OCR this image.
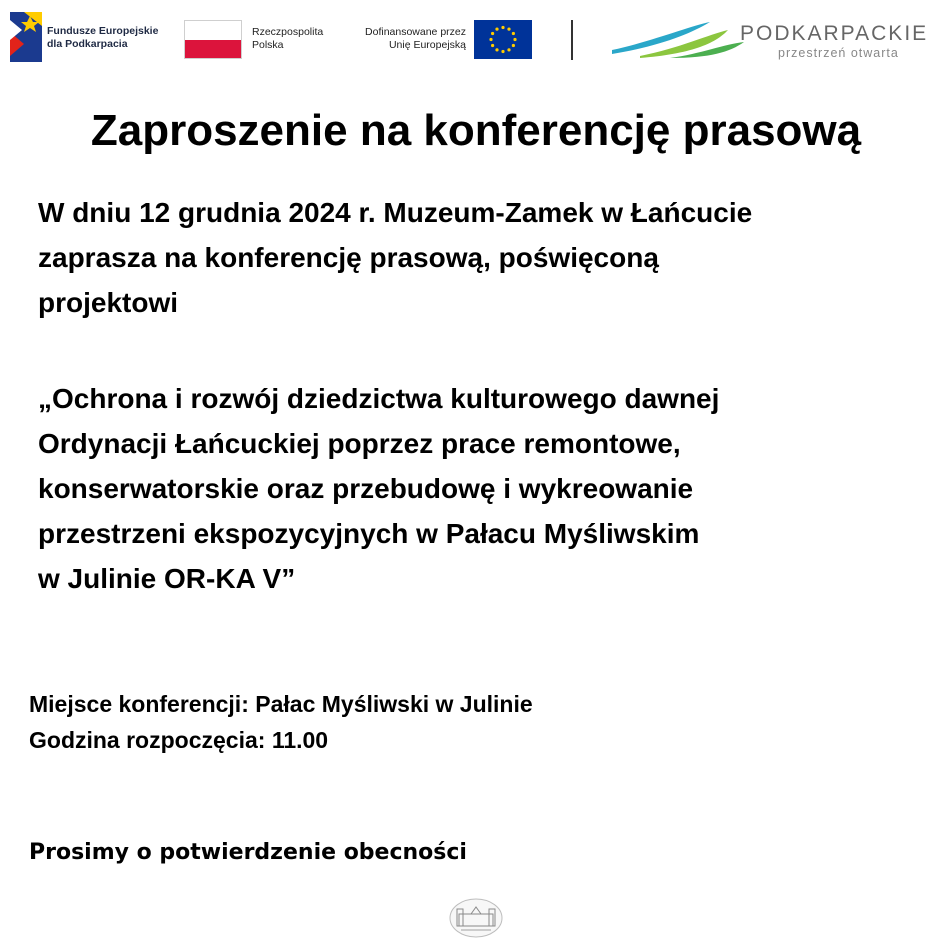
Fundusze Europejskie
dla Podkarpacia
Rzeczpospolita
Polska
Dofinansowane przez
Unię Europejską	PODKARPACKIE
przestrzeń otwarta
Zaproszenie na konferencję prasową
W dniu 12 grudnia 2024 r. Muzeum-Zamek w Łańcucie
zaprasza na konferencję prasową, poświęconą
projektowi
„Ochrona i rozwój dziedzictwa kulturowego dawnej
Ordynacji Łańcuckiej poprzez prace remontowe,
konserwatorskie oraz przebudowę i wykreowanie
przestrzeni ekspozycyjnych w Pałacu Myśliwskim
w Julinie OR-KA V”
Miejsce konferencji: Pałac Myśliwski w Julinie
Godzina rozpoczęcia: 11.00
Prosimy o potwierdzenie obecności
